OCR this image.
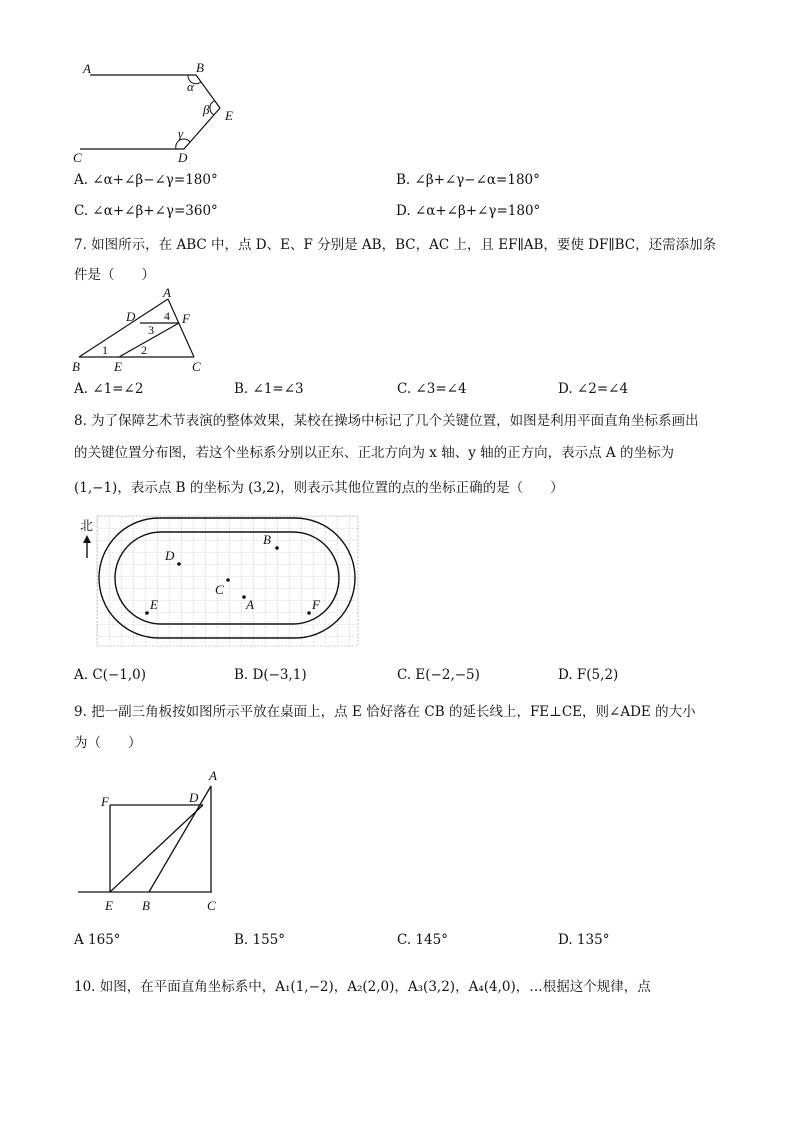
A	B
α
β E
γ
C	D
A. ∠α+∠β−∠γ=180°	B. ∠β+∠γ−∠α=180°
C. ∠α+∠β+∠γ=360°	D. ∠α+∠β+∠γ=180°
7. 如图所示，在 ABC 中，点 D、E、F 分别是 AB，BC，AC 上，且 EF∥AB，要使 DF∥BC，还需添加条
件是（　　）
A
D	F
B	E	C
4
3
1	2
A. ∠1=∠2	B. ∠1=∠3	C. ∠3=∠4	D. ∠2=∠4
8. 为了保障艺术节表演的整体效果，某校在操场中标记了几个关键位置，如图是利用平面直角坐标系画出
的关键位置分布图，若这个坐标系分别以正东、正北方向为 x 轴、y 轴的正方向，表示点 A 的坐标为
(1,−1)，表示点 B 的坐标为 (3,2)，则表示其他位置的点的坐标正确的是（　　）
北
B
D
C
A
E	F
A. C(−1,0)	B. D(−3,1)	C. E(−2,−5)	D. F(5,2)
9. 把一副三角板按如图所示平放在桌面上，点 E 恰好落在 CB 的延长线上，FE⊥CE，则∠ADE 的大小
为（　　）
A
D
F
E B	C
A 165°	B. 155°	C. 145°	D. 135°
10. 如图，在平面直角坐标系中，A₁(1,−2)，A₂(2,0)，A₃(3,2)，A₄(4,0)，…根据这个规律，点
